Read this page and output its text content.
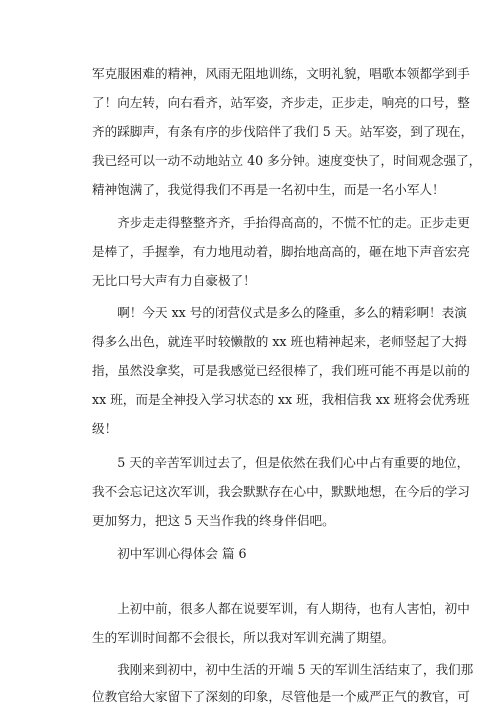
军克服困难的精神，风雨无阻地训练，文明礼貌，唱歌本领都学到手
了！向左转，向右看齐，站军姿，齐步走，正步走，响亮的口号，整
齐的踩脚声，有条有序的步伐陪伴了我们 5 天。站军姿，到了现在，
我已经可以一动不动地站立 40 多分钟。速度变快了，时间观念强了，
精神饱满了，我觉得我们不再是一名初中生，而是一名小军人！
　　齐步走走得整整齐齐，手抬得高高的，不慌不忙的走。正步走更
是棒了，手握拳，有力地甩动着，脚抬地高高的，砸在地下声音宏亮
无比口号大声有力自豪极了！
　　啊！今天 xx 号的闭营仪式是多么的隆重，多么的精彩啊！表演
得多么出色，就连平时较懒散的 xx 班也精神起来，老师竖起了大拇
指，虽然没拿奖，可是我感觉已经很棒了，我们班可能不再是以前的
xx 班，而是全神投入学习状态的 xx 班，我相信我 xx 班将会优秀班
级！
　　5 天的辛苦军训过去了，但是依然在我们心中占有重要的地位，
我不会忘记这次军训，我会默默存在心中，默默地想，在今后的学习
更加努力，把这 5 天当作我的终身伴侣吧。
　　初中军训心得体会 篇 6
　　上初中前，很多人都在说要军训，有人期待，也有人害怕，初中
生的军训时间都不会很长，所以我对军训充满了期望。
　　我刚来到初中，初中生活的开端 5 天的军训生活结束了，我们那
位教官给大家留下了深刻的印象，尽管他是一个威严正气的教官，可
